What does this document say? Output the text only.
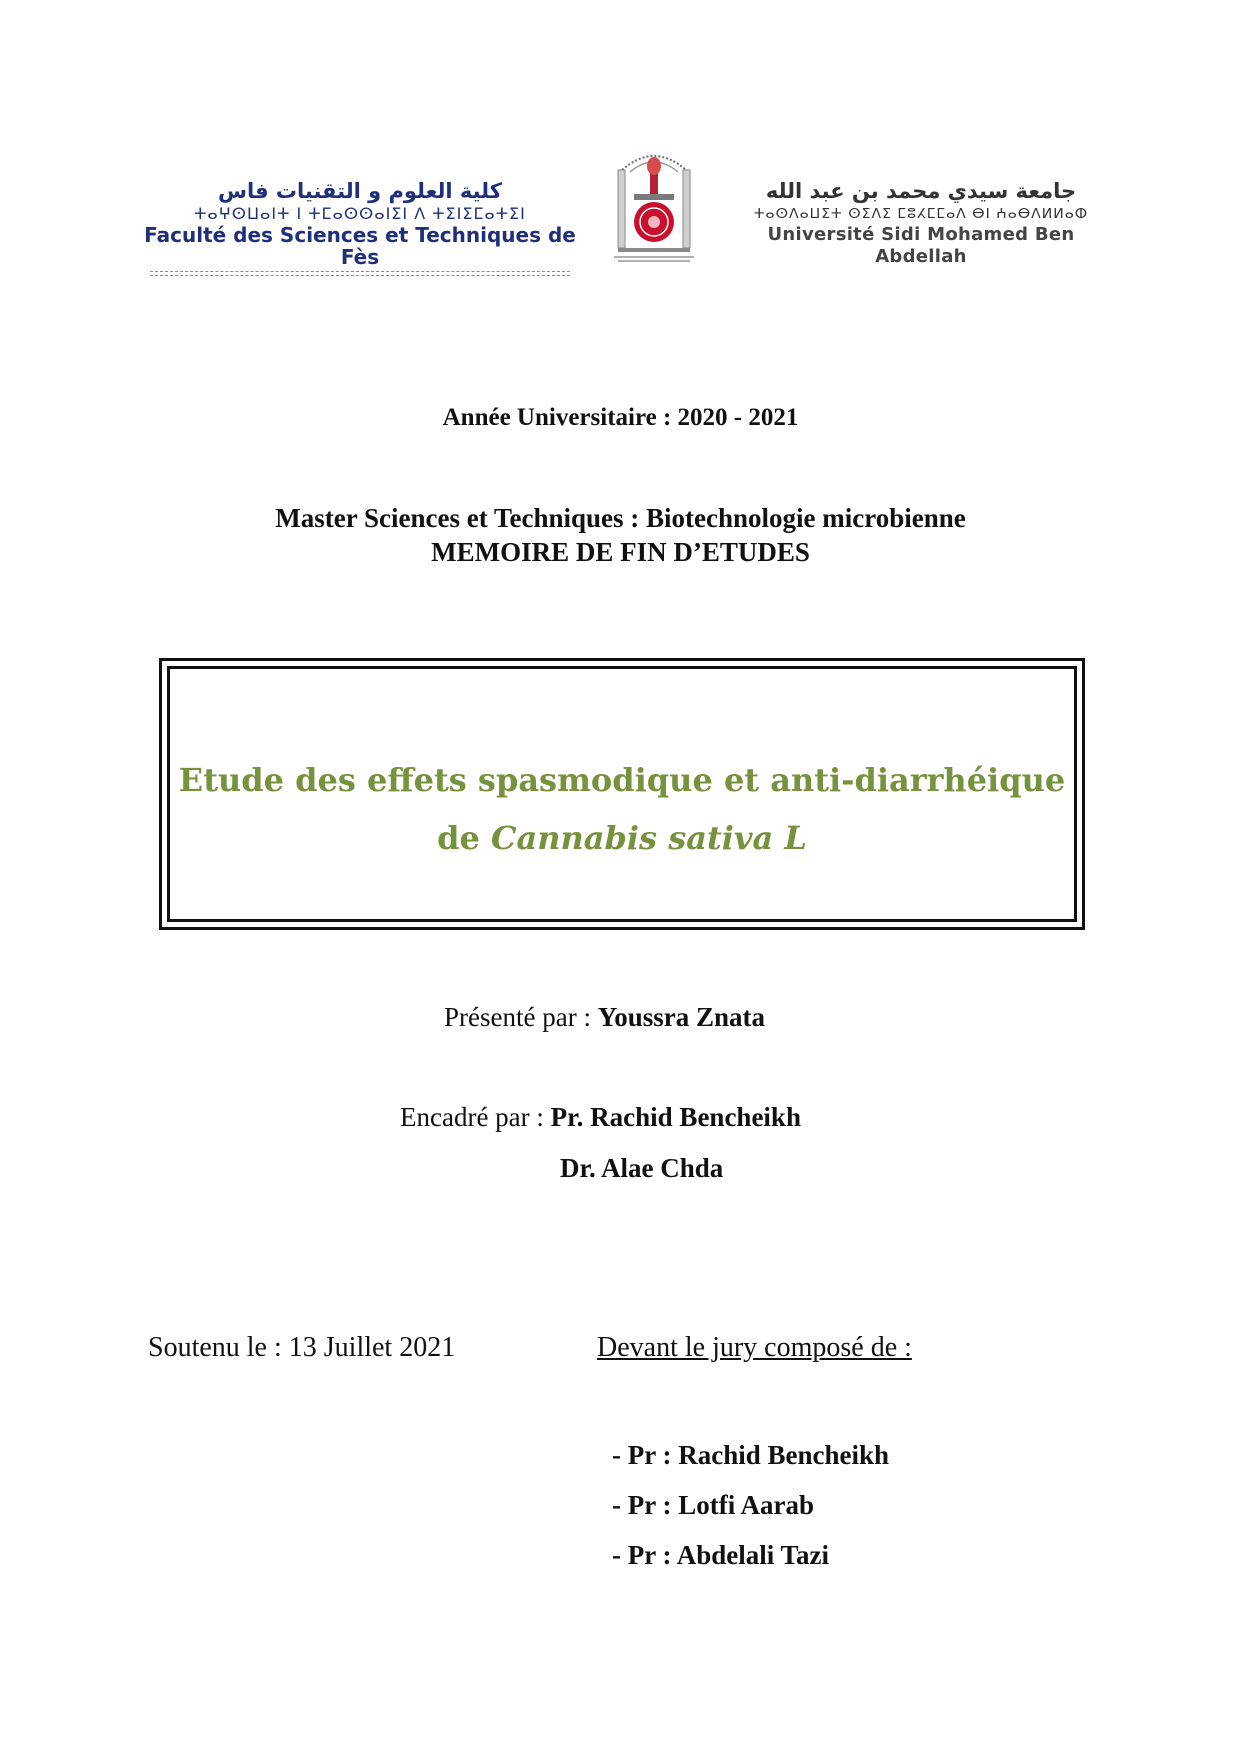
كلية العلوم و التقنيات فاس
ⵜⴰⵖⵙⵡⴰⵏⵜ ⵏ ⵜⵎⴰⵙⵙⴰⵏⵉⵏ ⴷ ⵜⵉⵏⵉⵎⴰⵜⵉⵏ
Faculté des Sciences et Techniques de Fès
جامعة سيدي محمد بن عبد الله
ⵜⴰⵙⴷⴰⵡⵉⵜ ⵙⵉⴷⵉ ⵎⵓⵃⵎⵎⴰⴷ ⴱⵏ ⵄⴰⴱⴷⵍⵍⴰⵀ
Université Sidi Mohamed Ben Abdellah
Année Universitaire : 2020 - 2021
Master Sciences et Techniques : Biotechnologie microbienne
MEMOIRE DE FIN D’ETUDES
Etude des effets spasmodique et anti-diarrhéique
de Cannabis sativa L
Présenté par : Youssra Znata
Encadré par : Pr. Rachid Bencheikh
Dr. Alae Chda
Soutenu le : 13 Juillet 2021	Devant le jury composé de :
- Pr : Rachid Bencheikh
- Pr : Lotfi Aarab
- Pr : Abdelali Tazi
